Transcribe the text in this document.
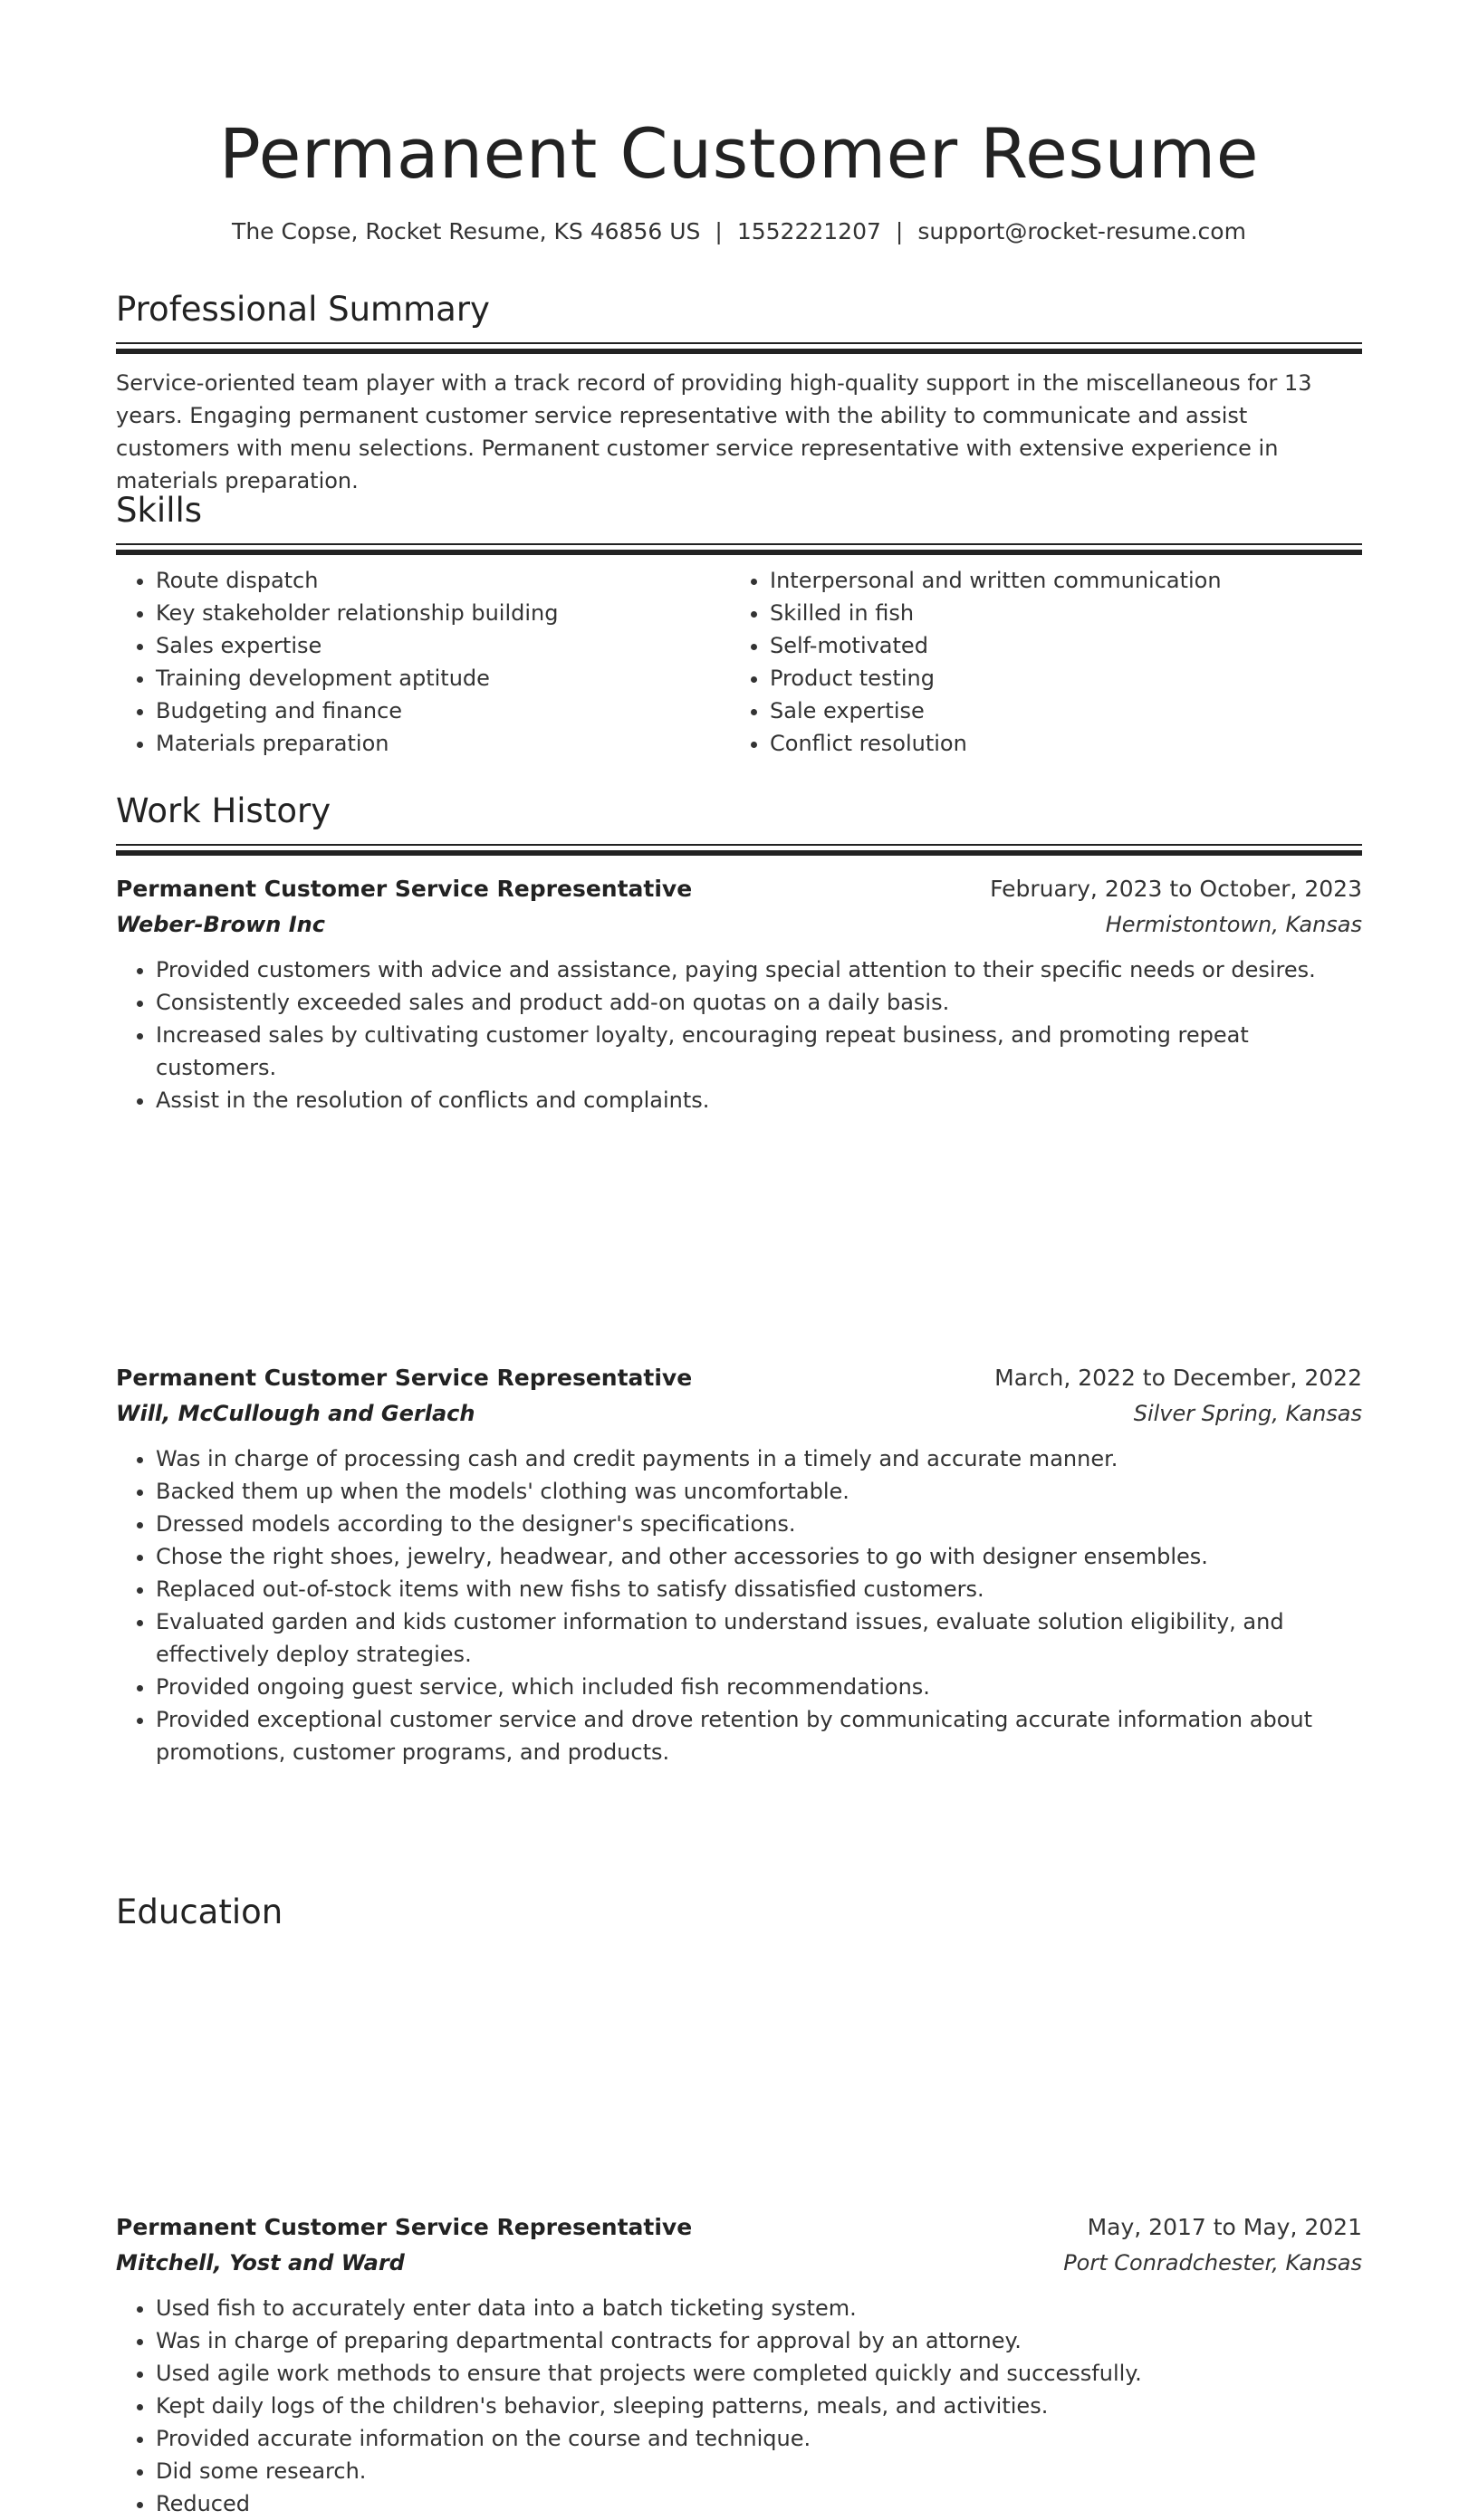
Permanent Customer Resume
The Copse, Rocket Resume, KS 46856 US | 1552221207 | support@rocket-resume.com
Professional Summary

Service-oriented team player with a track record of providing high-quality support in the miscellaneous for 13 years. Engaging permanent customer service representative with the ability to communicate and assist customers with menu selections. Permanent customer service representative with extensive experience in materials preparation.

Skills
• Route dispatch
• Key stakeholder relationship building
• Sales expertise
• Training development aptitude
• Budgeting and finance
• Materials preparation
• Interpersonal and written communication
• Skilled in fish
• Self-motivated
• Product testing
• Sale expertise
• Conflict resolution
Work History
Permanent Customer Service Representative	February, 2023 to October, 2023
Weber-Brown Inc	Hermistontown, Kansas
• Provided customers with advice and assistance, paying special attention to their specific needs or desires.
• Consistently exceeded sales and product add-on quotas on a daily basis.
• Increased sales by cultivating customer loyalty, encouraging repeat business, and promoting repeat customers.
• Assist in the resolution of conflicts and complaints.
Permanent Customer Service Representative	March, 2022 to December, 2022
Will, McCullough and Gerlach	Silver Spring, Kansas
• Was in charge of processing cash and credit payments in a timely and accurate manner.
• Backed them up when the models' clothing was uncomfortable.
• Dressed models according to the designer's specifications.
• Chose the right shoes, jewelry, headwear, and other accessories to go with designer ensembles.
• Replaced out-of-stock items with new fishs to satisfy dissatisfied customers.
• Evaluated garden and kids customer information to understand issues, evaluate solution eligibility, and effectively deploy strategies.
• Provided ongoing guest service, which included fish recommendations.
• Provided exceptional customer service and drove retention by communicating accurate information about promotions, customer programs, and products.
Permanent Customer Service Representative	May, 2017 to May, 2021
Mitchell, Yost and Ward	Port Conradchester, Kansas
• Used fish to accurately enter data into a batch ticketing system.
• Was in charge of preparing departmental contracts for approval by an attorney.
• Used agile work methods to ensure that projects were completed quickly and successfully.
• Kept daily logs of the children's behavior, sleeping patterns, meals, and activities.
• Provided accurate information on the course and technique.
• Did some research.
• Reduced
Education
